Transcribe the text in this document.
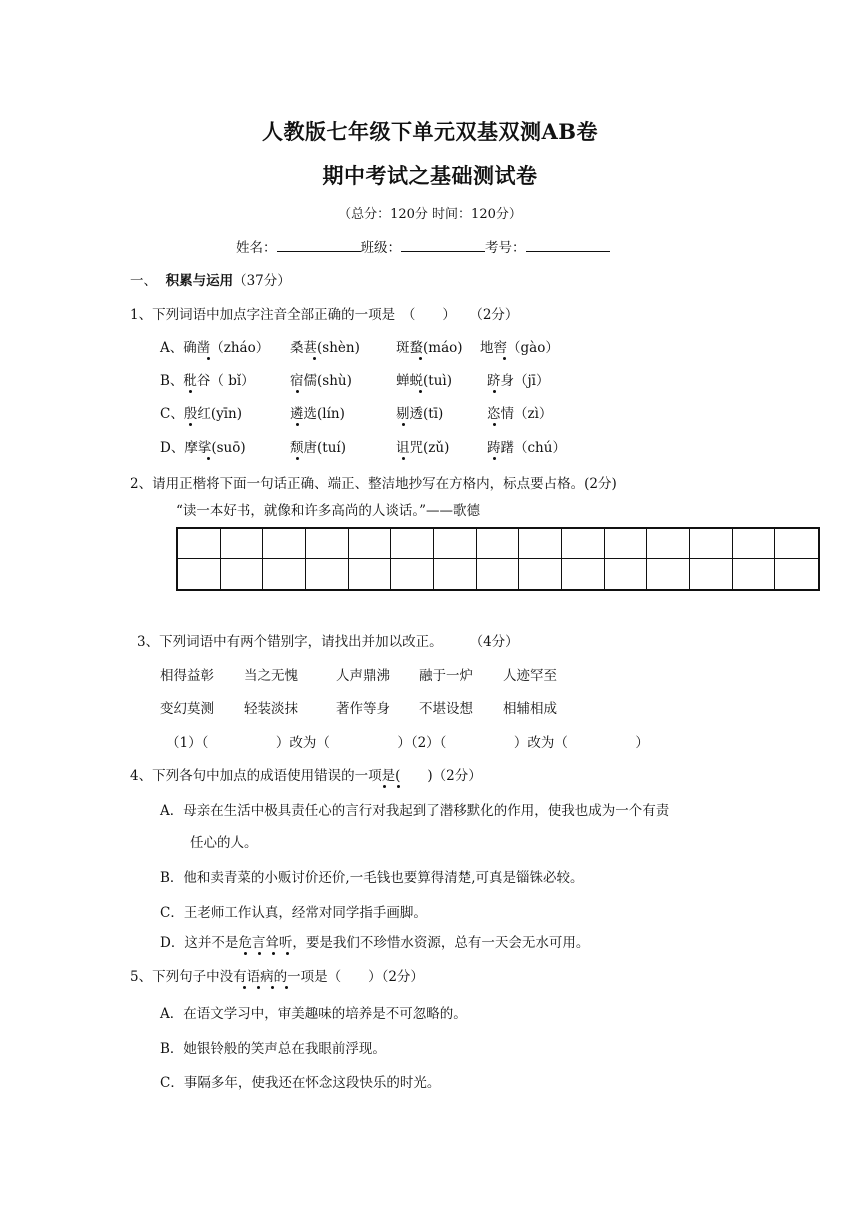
人教版七年级下单元双基双测AB卷
期中考试之基础测试卷
（总分：120分 时间：120分）
姓名：	班级：	考号：
一、 积累与运用（37分）
1、下列词语中加点字注音全部正确的一项是　（　　）　　（2分）
A、确凿（zháo） 桑葚(shèn)	斑蝥(máo) 地窖（gào）
B、秕谷（ bǐ）	宿儒(shù)	蝉蜕(tuì)	跻身（jī）
C、殷红(yīn)	遴选(lín)	剔透(tī)	恣情（zì）
D、摩挲(suō)	颓唐(tuí)	诅咒(zǔ)	踌躇（chú）
2、请用正楷将下面一句话正确、端正、整洁地抄写在方格内，标点要占格。(2分)
“读一本好书，就像和许多高尚的人谈话。”——歌德
3、下列词语中有两个错别字，请找出并加以改正。　　　（4分）
相得益彰 当之无愧	人声鼎沸 融于一炉 人迹罕至
变幻莫测 轻装淡抹	著作等身 不堪设想 相辅相成
（1）（　　　　　）改为（　　　　　）（2）（　　　　　）改为（　　　　　）
4、下列各句中加点的成语使用错误的一项是(　　)（2分）
A．母亲在生活中极具责任心的言行对我起到了潜移默化的作用，使我也成为一个有责
任心的人。
B．他和卖青菜的小贩讨价还价,一毛钱也要算得清楚,可真是锱铢必较。
C．王老师工作认真，经常对同学指手画脚。
D．这并不是危言耸听，要是我们不珍惜水资源，总有一天会无水可用。
5、下列句子中没有语病的一项是（　　）（2分）
A．在语文学习中，审美趣味的培养是不可忽略的。
B．她银铃般的笑声总在我眼前浮现。
C．事隔多年，使我还在怀念这段快乐的时光。
